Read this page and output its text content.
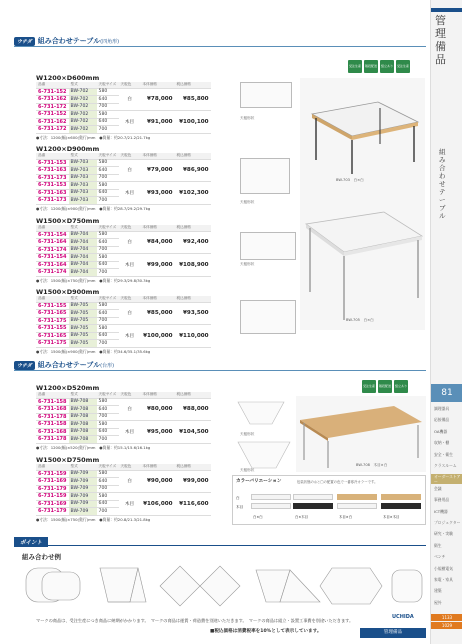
ウチダ 組み合わせテーブル(四角形)
受注生産	階段配送	組立あり	受注生産
天板形状
BW-703　白×白
天板形状
天板形状
BW-705　白×白
W1200×D600mm
品番	型式	天板サイズ	天板色	本体価格	税込価格
6-731-152	BW-702	580	白	¥78,000	¥85,800
6-731-162	BW-702	640			
6-731-172	BW-702	700			
6-731-152	BW-702	580	木目	¥91,000	¥100,100
6-731-162	BW-702	640			
6-731-172	BW-702	700			
●寸法：1200(幅)×600(奥行)mm　●質量：約20.7/21.2/21.7kg
W1200×D900mm
品番	型式	天板サイズ	天板色	本体価格	税込価格
6-731-153	BW-703	580	白	¥79,000	¥86,900
6-731-163	BW-703	640			
6-731-173	BW-703	700			
6-731-153	BW-703	580	木目	¥93,000	¥102,300
6-731-163	BW-703	640			
6-731-173	BW-703	700			
●寸法：1200(幅)×900(奥行)mm　●質量：約28.7/29.2/29.7kg
W1500×D750mm
品番	型式	天板サイズ	天板色	本体価格	税込価格
6-731-154	BW-704	580	白	¥84,000	¥92,400
6-731-164	BW-704	640			
6-731-174	BW-704	700			
6-731-154	BW-704	580	木目	¥99,000	¥108,900
6-731-164	BW-704	640			
6-731-174	BW-704	700			
●寸法：1500(幅)×750(奥行)mm　●質量：約29.3/29.8/30.3kg
W1500×D900mm
品番	型式	天板サイズ	天板色	本体価格	税込価格
6-731-155	BW-705	580	白	¥85,000	¥93,500
6-731-165	BW-705	640			
6-731-175	BW-705	700			
6-731-155	BW-705	580	木目	¥100,000	¥110,000
6-731-165	BW-705	640			
6-731-175	BW-705	700			
●寸法：1500(幅)×900(奥行)mm　●質量：約34.6/35.1/35.6kg
ウチダ 組み合わせテーブル(台形)
受注生産	階段配送	組立あり
BW-708　木目×白
天板形状
天板形状
W1200×D520mm
品番	型式	天板サイズ	天板色	本体価格	税込価格
6-731-158	BW-708	580	白	¥80,000	¥88,000
6-731-168	BW-708	640			
6-731-178	BW-708	700			
6-731-158	BW-708	580	木目	¥95,000	¥104,500
6-731-168	BW-708	640			
6-731-178	BW-708	700			
●寸法：1200(幅)×520(奥行)mm　●質量：約15.1/15.6/16.1kg
W1500×D750mm
品番	型式	天板サイズ	天板色	本体価格	税込価格
6-731-159	BW-709	580	白	¥90,000	¥99,000
6-731-169	BW-709	640			
6-731-179	BW-709	700			
6-731-159	BW-709	580	木目	¥106,000	¥116,600
6-731-169	BW-709	640			
6-731-179	BW-709	700			
●寸法：1500(幅)×750(奥行)mm　●質量：約20.8/21.3/21.8kg
カラーバリエーション	包装状態の◎と□の配置の色で一番寒冷カラーです。
白
木目
白×白	白×木目	木目×白	木目×木目
ポイント
組み合わせ例
マークの商品は、受注生産につき商品に納期がかかります。　マークの商品は運賃・荷造費を別途いただきます。　マークの商品は組立・設置工事費を別途いただきます。
■税込価格は消費税率を10%として表示しています。
UCHIDA
管理備品
管理備品
組み合わせテーブル
81
調理器具
応接備品
OA機器
収納・棚
安全・衛生
クラスルーム
オーダーストアー
会議
事務用品
ICT機器
プロジェクター
研究・実験
衛生
ベンチ
小規模電気
家電・家具
建築
屋外
1133
1029
